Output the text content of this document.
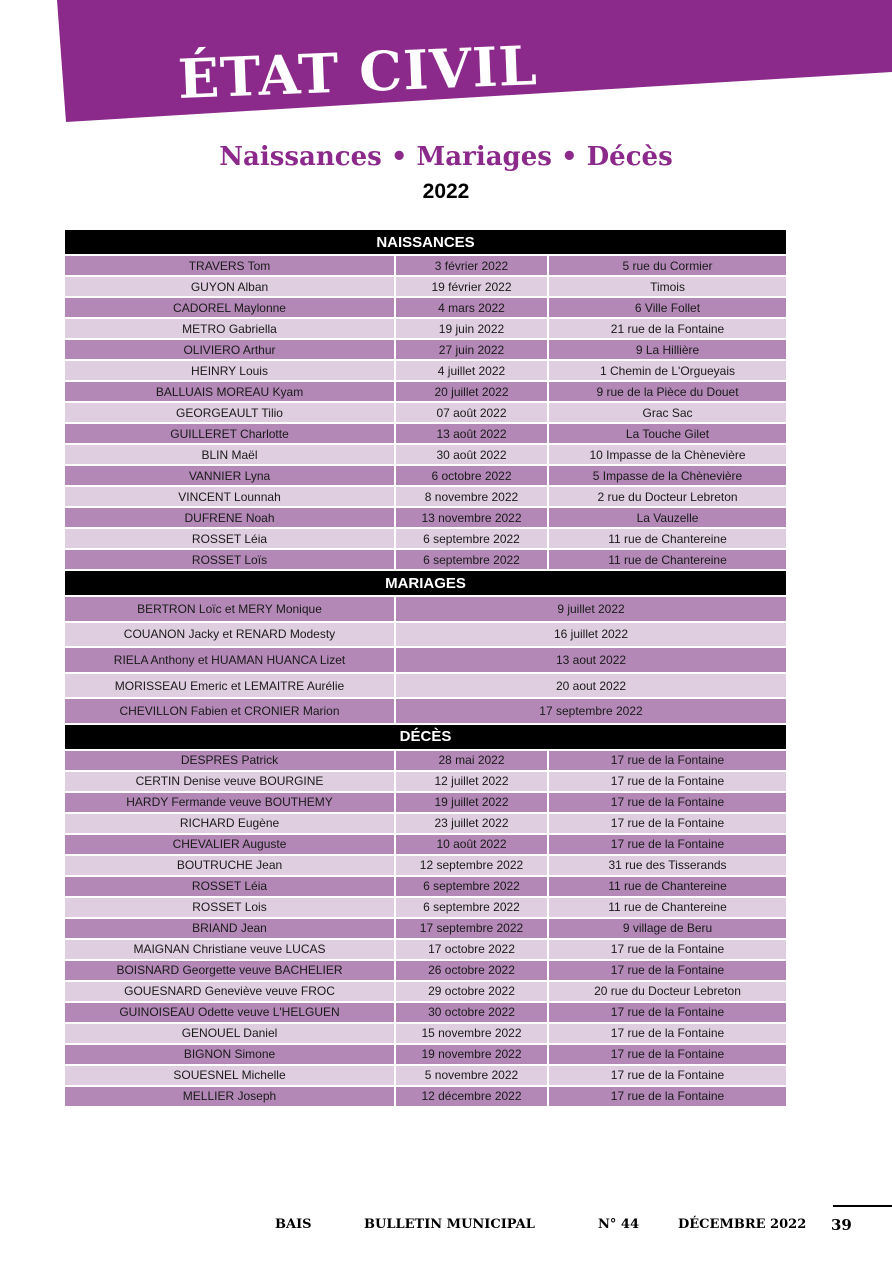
ÉTAT CIVIL
Naissances • Mariages • Décès
2022
NAISSANCES		
TRAVERS Tom	3 février 2022	5 rue du Cormier
GUYON Alban	19 février 2022	Timois
CADOREL Maylonne	4 mars 2022	6 Ville Follet
METRO Gabriella	19 juin 2022	21 rue de la Fontaine
OLIVIERO Arthur	27 juin 2022	9 La Hillière
HEINRY Louis	4 juillet 2022	1 Chemin de L'Orgueyais
BALLUAIS MOREAU Kyam	20 juillet 2022	9 rue de la Pièce du Douet
GEORGEAULT Tilio	07 août 2022	Grac Sac
GUILLERET Charlotte	13 août 2022	La Touche Gilet
BLIN Maël	30 août 2022	10 Impasse de la Chènevière
VANNIER Lyna	6 octobre 2022	5 Impasse de la Chènevière
VINCENT Lounnah	8 novembre 2022	2 rue du Docteur Lebreton
DUFRENE Noah	13 novembre 2022	La Vauzelle
ROSSET Léia	6 septembre 2022	11 rue de Chantereine
ROSSET Loïs	6 septembre 2022	11 rue de Chantereine
MARIAGES		
BERTRON Loïc et MERY Monique	9 juillet 2022	
COUANON Jacky et RENARD Modesty	16 juillet 2022	
RIELA Anthony et HUAMAN HUANCA Lizet	13 aout 2022	
MORISSEAU Emeric et LEMAITRE Aurélie	20 aout 2022	
CHEVILLON Fabien et CRONIER Marion	17 septembre 2022	
DÉCÈS		
DESPRES Patrick	28 mai 2022	17 rue de la Fontaine
CERTIN Denise veuve BOURGINE	12 juillet 2022	17 rue de la Fontaine
HARDY Fermande veuve BOUTHEMY	19 juillet 2022	17 rue de la Fontaine
RICHARD Eugène	23 juillet 2022	17 rue de la Fontaine
CHEVALIER Auguste	10 août 2022	17 rue de la Fontaine
BOUTRUCHE Jean	12 septembre 2022	31 rue des Tisserands
ROSSET Léia	6 septembre 2022	11 rue de Chantereine
ROSSET Lois	6 septembre 2022	11 rue de Chantereine
BRIAND Jean	17 septembre 2022	9 village de Beru
MAIGNAN Christiane veuve LUCAS	17 octobre 2022	17 rue de la Fontaine
BOISNARD Georgette veuve BACHELIER	26 octobre 2022	17 rue de la Fontaine
GOUESNARD Geneviève veuve FROC	29 octobre 2022	20 rue du Docteur Lebreton
GUINOISEAU Odette veuve L'HELGUEN	30 octobre 2022	17 rue de la Fontaine
GENOUEL Daniel	15 novembre 2022	17 rue de la Fontaine
BIGNON Simone	19 novembre 2022	17 rue de la Fontaine
SOUESNEL Michelle	5 novembre 2022	17 rue de la Fontaine
MELLIER Joseph	12 décembre 2022	17 rue de la Fontaine
BAIS	BULLETIN MUNICIPAL	N° 44	DÉCEMBRE 2022 39
